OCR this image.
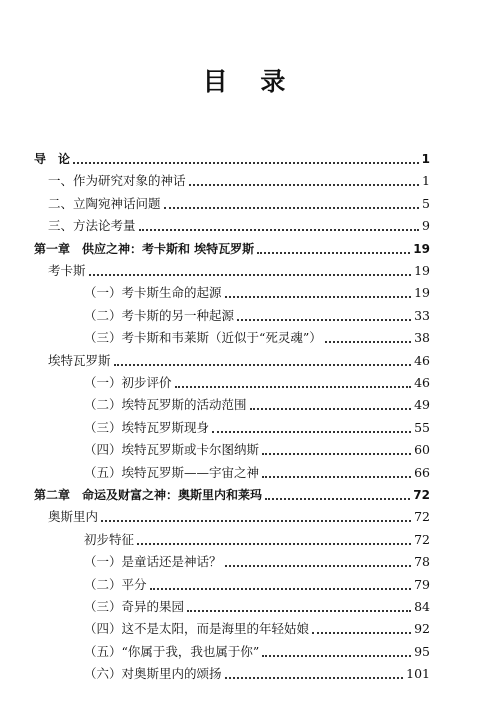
目 录
导　论	1
一、作为研究对象的神话	1
二、立陶宛神话问题	5
三、方法论考量	9
第一章　供应之神：考卡斯和 埃特瓦罗斯	19
考卡斯	19
（一）考卡斯生命的起源	19
（二）考卡斯的另一种起源	33
（三）考卡斯和韦莱斯（近似于“死灵魂”）	38
埃特瓦罗斯	46
（一）初步评价	46
（二）埃特瓦罗斯的活动范围	49
（三）埃特瓦罗斯现身	55
（四）埃特瓦罗斯或卡尔图纳斯	60
（五）埃特瓦罗斯——宇宙之神	66
第二章　命运及财富之神：奥斯里内和莱玛	72
奥斯里内	72
初步特征	72
（一）是童话还是神话？	78
（二）平分	79
（三）奇异的果园	84
（四）这不是太阳，而是海里的年轻姑娘	92
（五）“你属于我，我也属于你”	95
（六）对奥斯里内的颂扬	101
